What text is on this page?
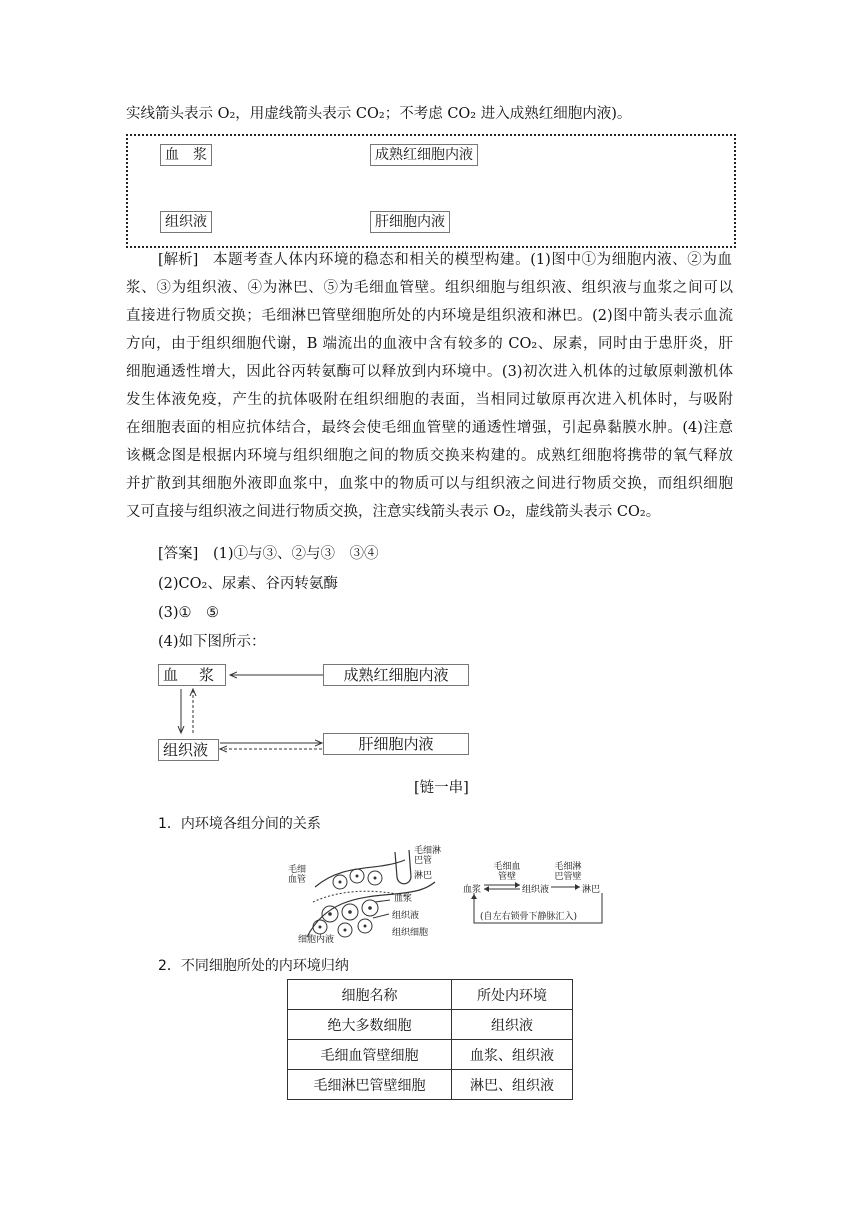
实线箭头表示 O₂，用虚线箭头表示 CO₂；不考虑 CO₂ 进入成熟红细胞内液)。
血　浆	成熟红细胞内液
组织液	肝细胞内液
[解析] 本题考查人体内环境的稳态和相关的模型构建。(1)图中①为细胞内液、②为血
浆、③为组织液、④为淋巴、⑤为毛细血管壁。组织细胞与组织液、组织液与血浆之间可以
直接进行物质交换；毛细淋巴管壁细胞所处的内环境是组织液和淋巴。(2)图中箭头表示血流
方向，由于组织细胞代谢，B 端流出的血液中含有较多的 CO₂、尿素，同时由于患肝炎，肝
细胞通透性增大，因此谷丙转氨酶可以释放到内环境中。(3)初次进入机体的过敏原刺激机体
发生体液免疫，产生的抗体吸附在组织细胞的表面，当相同过敏原再次进入机体时，与吸附
在细胞表面的相应抗体结合，最终会使毛细血管壁的通透性增强，引起鼻黏膜水肿。(4)注意
该概念图是根据内环境与组织细胞之间的物质交换来构建的。成熟红细胞将携带的氧气释放
并扩散到其细胞外液即血浆中，血浆中的物质可以与组织液之间进行物质交换，而组织细胞
又可直接与组织液之间进行物质交换，注意实线箭头表示 O₂，虚线箭头表示 CO₂。
[答案] (1)①与③、②与③　③④
(2)CO₂、尿素、谷丙转氨酶
(3)①　⑤
(4)如下图所示：
血　浆	成熟红细胞内液
组织液	肝细胞内液
[链一串]
1．内环境各组分间的关系
毛细血管
毛细淋巴管
淋巴
血浆
组织液
组织细胞
细胞内液
毛细血管壁
毛细淋巴管壁
血浆	组织液	淋巴
(自左右锁骨下静脉汇入)
2．不同细胞所处的内环境归纳
细胞名称	所处内环境
绝大多数细胞	组织液
毛细血管壁细胞	血浆、组织液
毛细淋巴管壁细胞	淋巴、组织液
